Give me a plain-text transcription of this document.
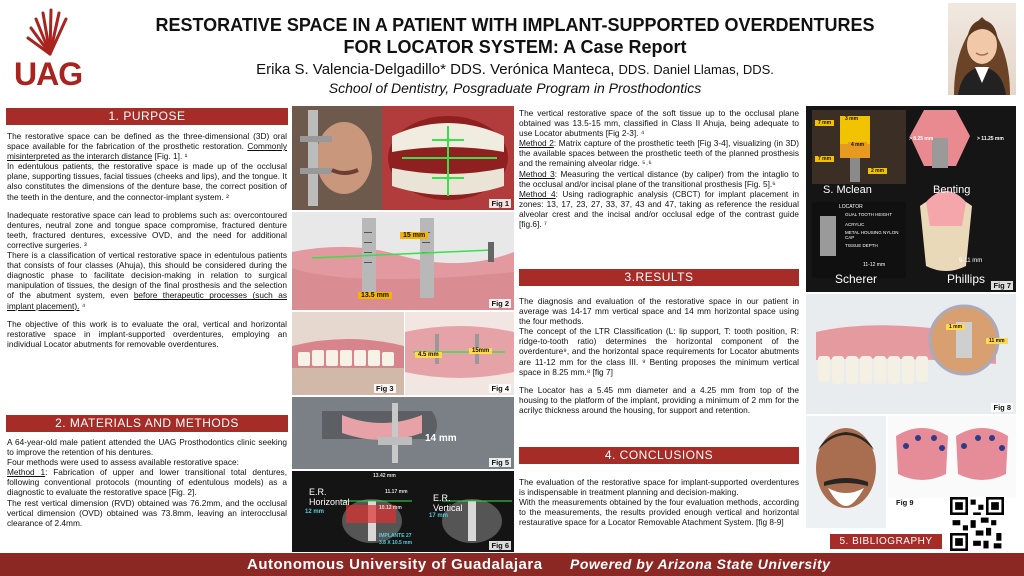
UAG
RESTORATIVE SPACE IN A PATIENT WITH IMPLANT-SUPPORTED OVERDENTURES
FOR LOCATOR SYSTEM: A Case Report
Erika S. Valencia-Delgadillo* DDS. Verónica Manteca, DDS. Daniel Llamas, DDS.
School of Dentistry, Posgraduate Program in Prosthodontics
1. PURPOSE

The restorative space can be defined as the three-dimensional (3D) oral space available for the fabrication of the prosthetic restoration. Commonly misinterpreted as the interarch distance [Fig. 1]. ¹

In edentulous patients, the restorative space is made up of the occlusal plane, supporting tissues, facial tissues (cheeks and lips), and the tongue. It also constitutes the dimensions of the denture base, the correct position of the teeth in the denture, and the connector-implant system. ²

Inadequate restorative space can lead to problems such as: overcontoured dentures, neutral zone and tongue space compromise, fractured denture teeth, fractured dentures, excessive OVD, and the need for additional corrective surgeries. ³

There is a classification of vertical restorative space in edentulous patients that consists of four classes (Ahuja), this should be considered during the diagnostic phase to facilitate decision-making in relation to surgical manipulation of tissues, the design of the final prosthesis and the selection of the abutment system, even before therapeutic processes (such as implant placement). ⁴

The objective of this work is to evaluate the oral, vertical and horizontal restorative space in implant-supported overdentures, employing an individual Locator abutments for removable overdentures.

2. MATERIALS AND METHODS

A 64-year-old male patient attended the UAG Prosthodontics clinic seeking to improve the retention of his dentures.

Four methods were used to assess available restorative space:

Method 1: Fabrication of upper and lower transitional total dentures, following conventional protocols (mounting of edentulous models) as a diagnostic to evaluate the restorative space [Fig. 2].

The rest vertical dimension (RVD) obtained was 76.2mm, and the occlusal vertical dimension (OVD) obtained was 73.8mm, leaving an interocclusal clearance of 2.4mm.

Fig 1
15 mm
13.5 mm
Fig 2
Fig 3
4.5 mm
15mm
Fig 4
14 mm
Fig 5
E.R. Horizontal	E.R. Vertical
13.42 mm
11.17 mm
10.12 mm
12 mm
17 mm
IMPLANTE 27
3.8 X 10.5 mm	Fig 6

The vertical restorative space of the soft tissue up to the occlusal plane obtained was 13.5-15 mm, classified in Class II Ahuja, being adequate to use Locator abutments [Fig 2-3]. ⁴

Method 2: Matrix capture of the prosthetic teeth [Fig 3-4], visualizing (in 3D) the available spaces between the prosthetic teeth of the planned prosthesis and the remaining alveolar ridge. ⁵˒⁶

Method 3: Measuring the vertical distance (by caliper) from the intaglio to the occlusal and/or incisal plane of the transitional prosthesis [Fig. 5].⁶

Method 4: Using radiographic analysis (CBCT) for implant placement in zones: 13, 17, 23, 27, 33, 37, 43 and 47, taking as reference the residual alveolar crest and the incisal and/or occlusal edge of the contrast guide [fig.6]. ⁷

3.RESULTS

The diagnosis and evaluation of the restorative space in our patient in average was 14-17 mm vertical space and 14 mm horizontal space using the four methods.

The concept of the LTR Classification (L: lip support, T: tooth position, R: ridge-to-tooth ratio) determines the horizontal component of the overdenture⁹, and the horizontal space requirements for Locator abutments are 11-12 mm for the class III. ⁹ Benting proposes the minimum vertical space in 8.25 mm.⁸ [fig 7]

The Locator has a 5.45 mm diameter and a 4.25 mm from top of the housing to the platform of the implant, providing a minimum of 2 mm for the acrilyc thickness around the housing, for support and retention.

4. CONCLUSIONS

The evaluation of the restorative space for implant-supported overdentures is indispensable in treatment planning and decision-making.

With the measurements obtained by the four evaluation methods, according to the measurements, the results provided enough vertical and horizontal restaurative space for a Locator Removable Atachment System. [fig 8-9]

7 mm
3 mm
4 mm
7 mm
2 mm
> 8.25 mm	> 11.25 mm
S. Mclean	Benting
LOCATOR
GUAL TOOTH HEIGHT
ACRYLIC
METAL HOUSING NYLON CAP
TISSUE DEPTH
11-12 mm
9-11 mm
Scherer	Phillips	Fig 7
1 mm
11 mm
Fig 8
Fig 9
5. BIBLIOGRAPHY
Autonomous University of Guadalajara Powered by Arizona State University
